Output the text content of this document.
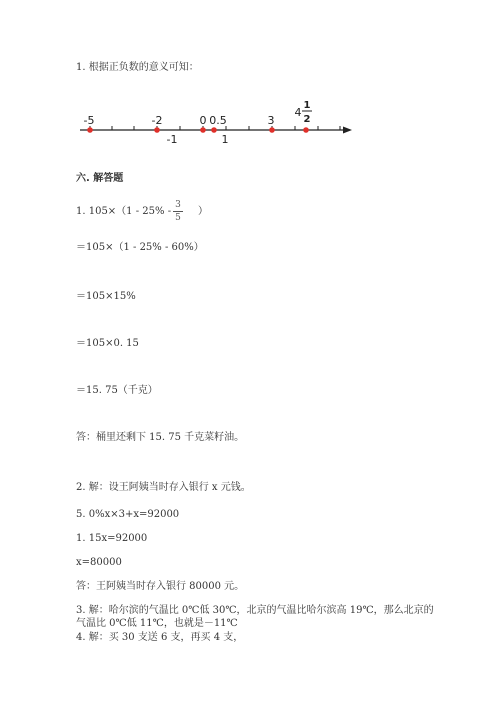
1. 根据正负数的意义可知：
-5	-2	0 0.5	3
4
1
2
-1	1
六. 解答题
1. 105×（1 - 25% -
3
5
）
＝105×（1 - 25% - 60%）
＝105×15%
＝105×0. 15
＝15. 75（千克）
答：桶里还剩下 15. 75 千克菜籽油。
2. 解：设王阿姨当时存入银行 x 元钱。
5. 0%x×3+x=92000
1. 15x=92000
x=80000
答：王阿姨当时存入银行 80000 元。
3. 解：哈尔滨的气温比 0℃低 30℃，北京的气温比哈尔滨高 19℃，那么北京的
气温比 0℃低 11℃，也就是－11℃
4. 解：买 30 支送 6 支，再买 4 支，
